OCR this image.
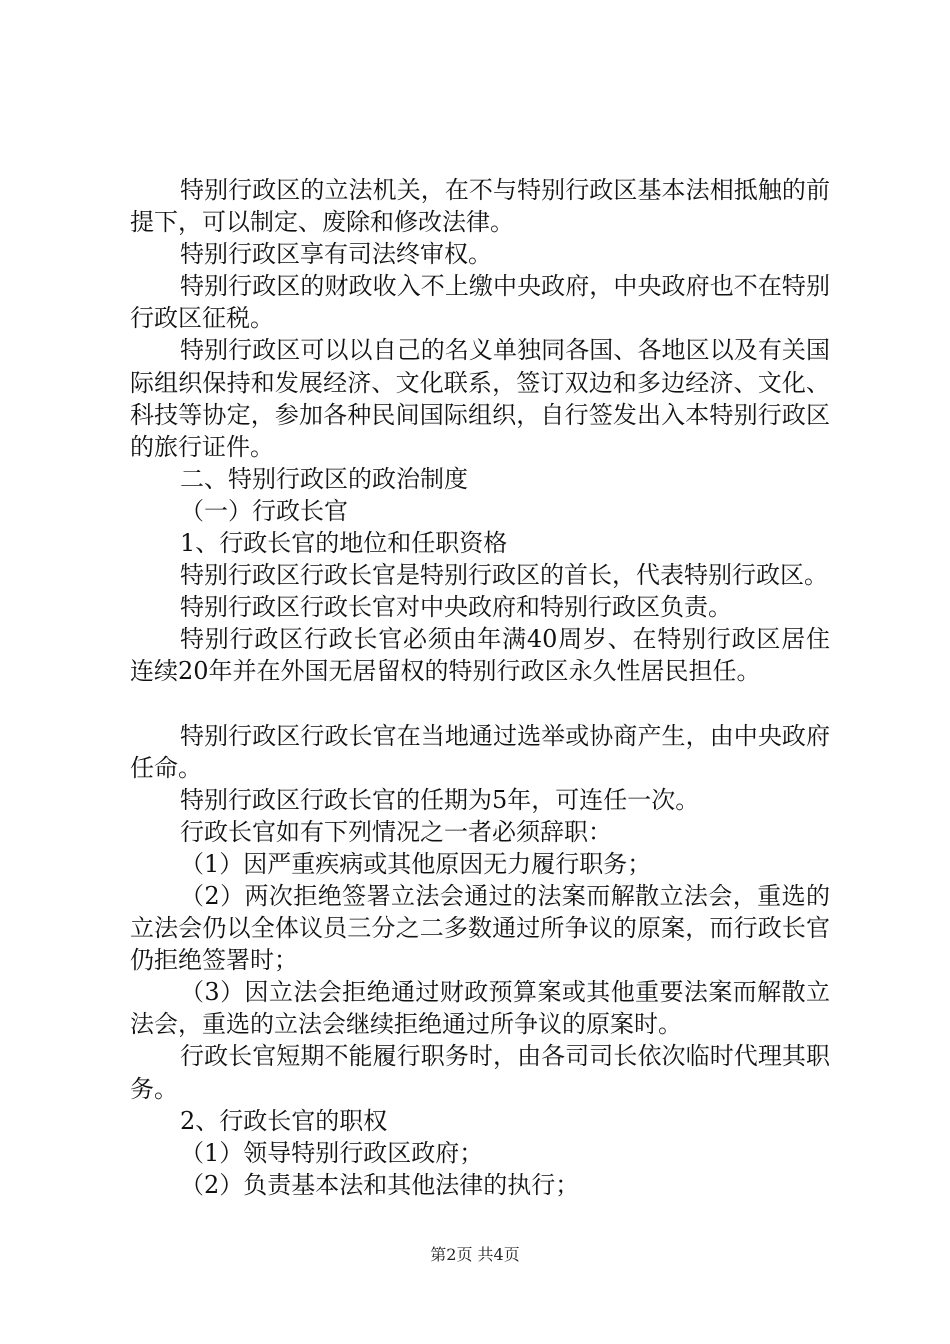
特别行政区的立法机关，在不与特别行政区基本法相抵触的前提下，可以制定、废除和修改法律。

特别行政区享有司法终审权。

特别行政区的财政收入不上缴中央政府，中央政府也不在特别行政区征税。

特别行政区可以以自己的名义单独同各国、各地区以及有关国际组织保持和发展经济、文化联系，签订双边和多边经济、文化、科技等协定，参加各种民间国际组织，自行签发出入本特别行政区的旅行证件。

二、特别行政区的政治制度

（一）行政长官

1、行政长官的地位和任职资格

特别行政区行政长官是特别行政区的首长，代表特别行政区。

特别行政区行政长官对中央政府和特别行政区负责。

特别行政区行政长官必须由年满40周岁、在特别行政区居住连续20年并在外国无居留权的特别行政区永久性居民担任。

特别行政区行政长官在当地通过选举或协商产生，由中央政府任命。

特别行政区行政长官的任期为5年，可连任一次。

行政长官如有下列情况之一者必须辞职：

（1）因严重疾病或其他原因无力履行职务；

（2）两次拒绝签署立法会通过的法案而解散立法会，重选的立法会仍以全体议员三分之二多数通过所争议的原案，而行政长官仍拒绝签署时；

（3）因立法会拒绝通过财政预算案或其他重要法案而解散立法会，重选的立法会继续拒绝通过所争议的原案时。

行政长官短期不能履行职务时，由各司司长依次临时代理其职务。

2、行政长官的职权

（1）领导特别行政区政府；

（2）负责基本法和其他法律的执行；

第2页 共4页
